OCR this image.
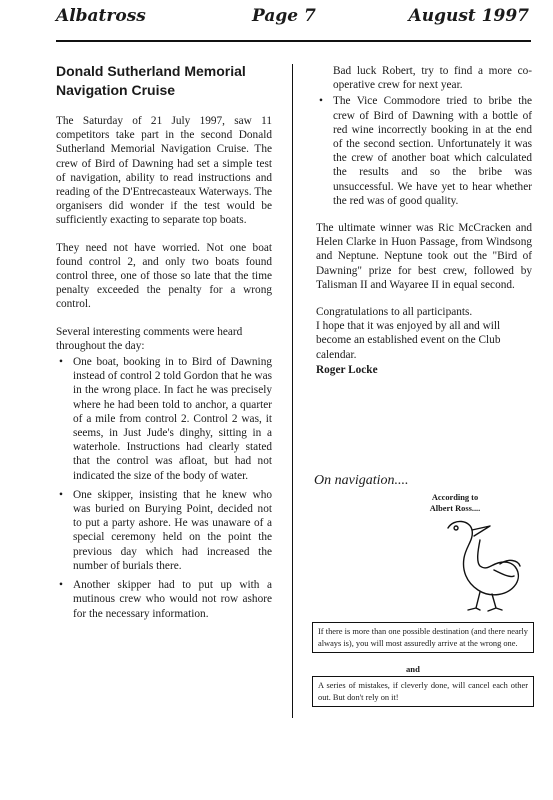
Albatross	Page 7	August 1997
Donald Sutherland Memorial Navigation Cruise

The Saturday of 21 July 1997, saw 11 competitors take part in the second Donald Sutherland Memorial Navigation Cruise. The crew of Bird of Dawning had set a simple test of navigation, ability to read instructions and reading of the D'Entrecasteaux Waterways. The organisers did wonder if the test would be sufficiently exacting to separate top boats.

They need not have worried. Not one boat found control 2, and only two boats found control three, one of those so late that the time penalty exceeded the penalty for a wrong control.

Several interesting comments were heard throughout the day:

• One boat, booking in to Bird of Dawning instead of control 2 told Gordon that he was in the wrong place. In fact he was precisely where he had been told to anchor, a quarter of a mile from control 2. Control 2 was, it seems, in Just Jude's dinghy, sitting in a waterhole. Instructions had clearly stated that the control was afloat, but had not indicated the size of the body of water.
• One skipper, insisting that he knew who was buried on Burying Point, decided not to put a party ashore. He was unaware of a special ceremony held on the point the previous day which had increased the number of burials there.
• Another skipper had to put up with a mutinous crew who would not row ashore for the necessary information.

Bad luck Robert, try to find a more co-operative crew for next year.

• The Vice Commodore tried to bribe the crew of Bird of Dawning with a bottle of red wine incorrectly booking in at the end of the second section. Unfortunately it was the crew of another boat which calculated the results and so the bribe was unsuccessful. We have yet to hear whether the red was of good quality.

The ultimate winner was Ric McCracken and Helen Clarke in Huon Passage, from Windsong and Neptune. Neptune took out the "Bird of Dawning" prize for best crew, followed by Talisman II and Wayaree II in equal second.

Congratulations to all participants.

I hope that it was enjoyed by all and will become an established event on the Club calendar.

Roger Locke
On navigation....
According to Albert Ross....
If there is more than one possible destination (and there nearly always is), you will most assuredly arrive at the wrong one.
and
A series of mistakes, if cleverly done, will cancel each other out. But don't rely on it!
